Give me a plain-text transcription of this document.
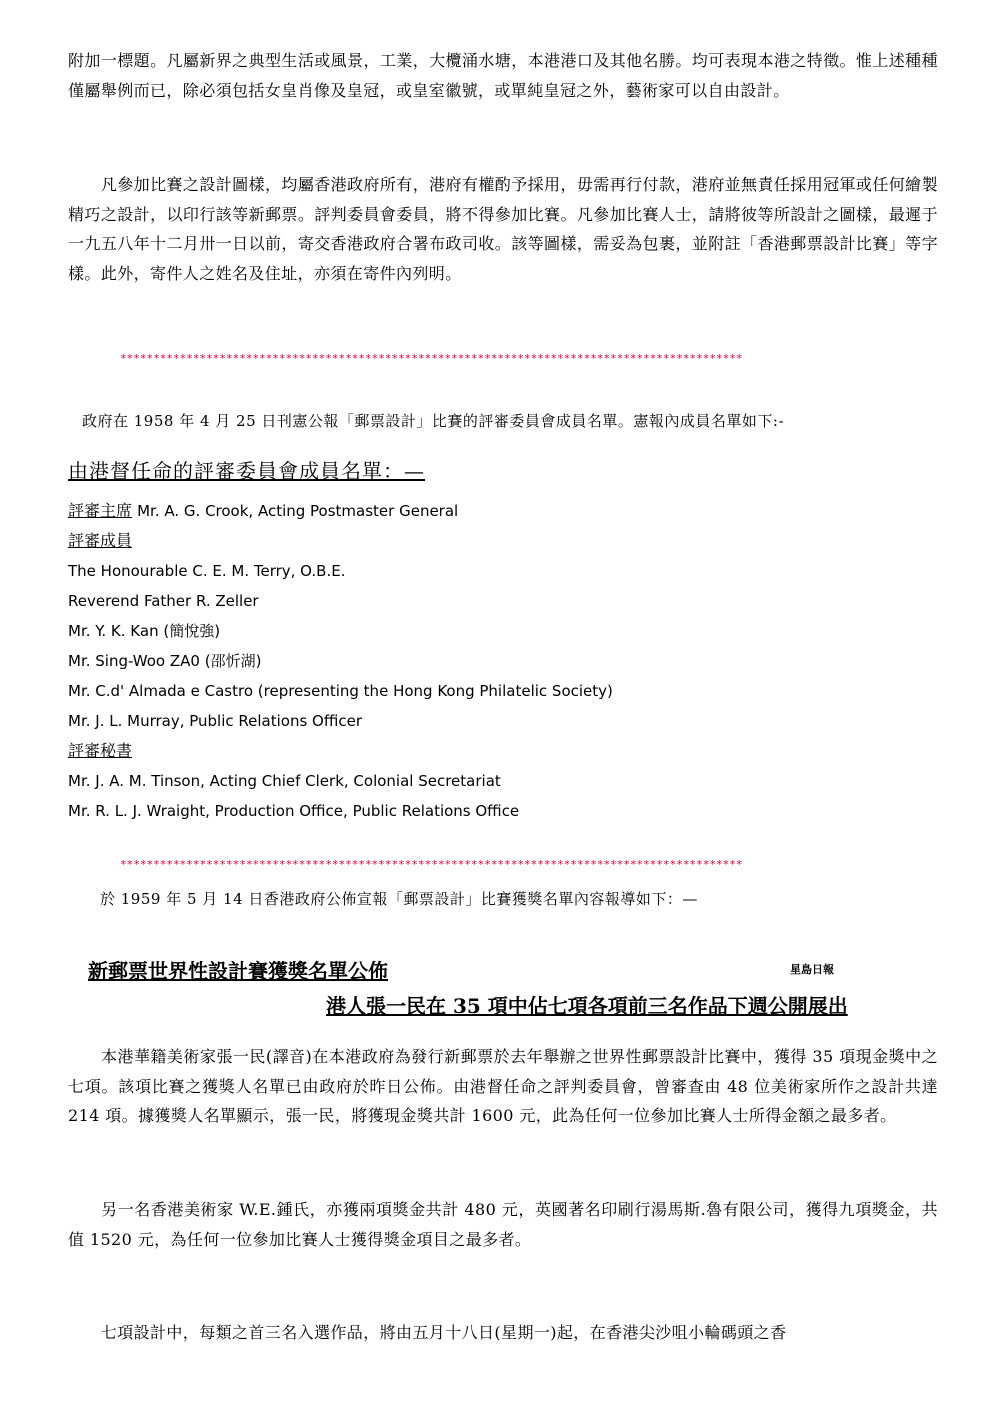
附加一標題。凡屬新界之典型生活或風景，工業，大欖涌水塘，本港港口及其他名勝。均可表現本港之特徵。惟上述種種僅屬舉例而已，除必須包括女皇肖像及皇冠，或皇室徽號，或單純皇冠之外，藝術家可以自由設計。

　　凡參加比賽之設計圖樣，均屬香港政府所有，港府有權酌予採用，毋需再行付款，港府並無責任採用冠軍或任何繪製精巧之設計，以印行該等新郵票。評判委員會委員，將不得參加比賽。凡參加比賽人士，請將彼等所設計之圖樣，最遲于一九五八年十二月卅一日以前，寄交香港政府合署布政司收。該等圖樣，需妥為包裹，並附註「香港郵票設計比賽」等字樣。此外，寄件人之姓名及住址，亦須在寄件內列明。

**********************************************************************************************
政府在 1958 年 4 月 25 日刊憲公報「郵票設計」比賽的評審委員會成員名單。憲報內成員名單如下:-
由港督任命的評審委員會成員名單：—
評審主席 Mr. A. G. Crook, Acting Postmaster General
評審成員
The Honourable C. E. M. Terry, O.B.E.
Reverend Father R. Zeller
Mr. Y. K. Kan (簡悅強)
Mr. Sing-Woo ZA0 (邵忻湖)
Mr. C.d' Almada e Castro (representing the Hong Kong Philatelic Society)
Mr. J. L. Murray, Public Relations Officer
評審秘書
Mr. J. A. M. Tinson, Acting Chief Clerk, Colonial Secretariat
Mr. R. L. J. Wraight, Production Office, Public Relations Office
**********************************************************************************************
於 1959 年 5 月 14 日香港政府公佈宣報「郵票設計」比賽獲獎名單內容報導如下：—
新郵票世界性設計賽獲獎名單公佈	星島日報
港人張一民在 35 項中佔七項各項前三名作品下週公開展出

　　本港華籍美術家張一民(譯音)在本港政府為發行新郵票於去年舉辦之世界性郵票設計比賽中，獲得 35 項現金獎中之七項。該項比賽之獲獎人名單已由政府於昨日公佈。由港督任命之評判委員會，曾審查由 48 位美術家所作之設計共達 214 項。據獲獎人名單顯示，張一民，將獲現金獎共計 1600 元，此為任何一位參加比賽人士所得金額之最多者。

　　另一名香港美術家 W.E.鍾氏，亦獲兩項獎金共計 480 元，英國著名印刷行湯馬斯.魯有限公司，獲得九項獎金，共值 1520 元，為任何一位參加比賽人士獲得獎金項目之最多者。

　　七項設計中，每類之首三名入選作品，將由五月十八日(星期一)起，在香港尖沙咀小輪碼頭之香
